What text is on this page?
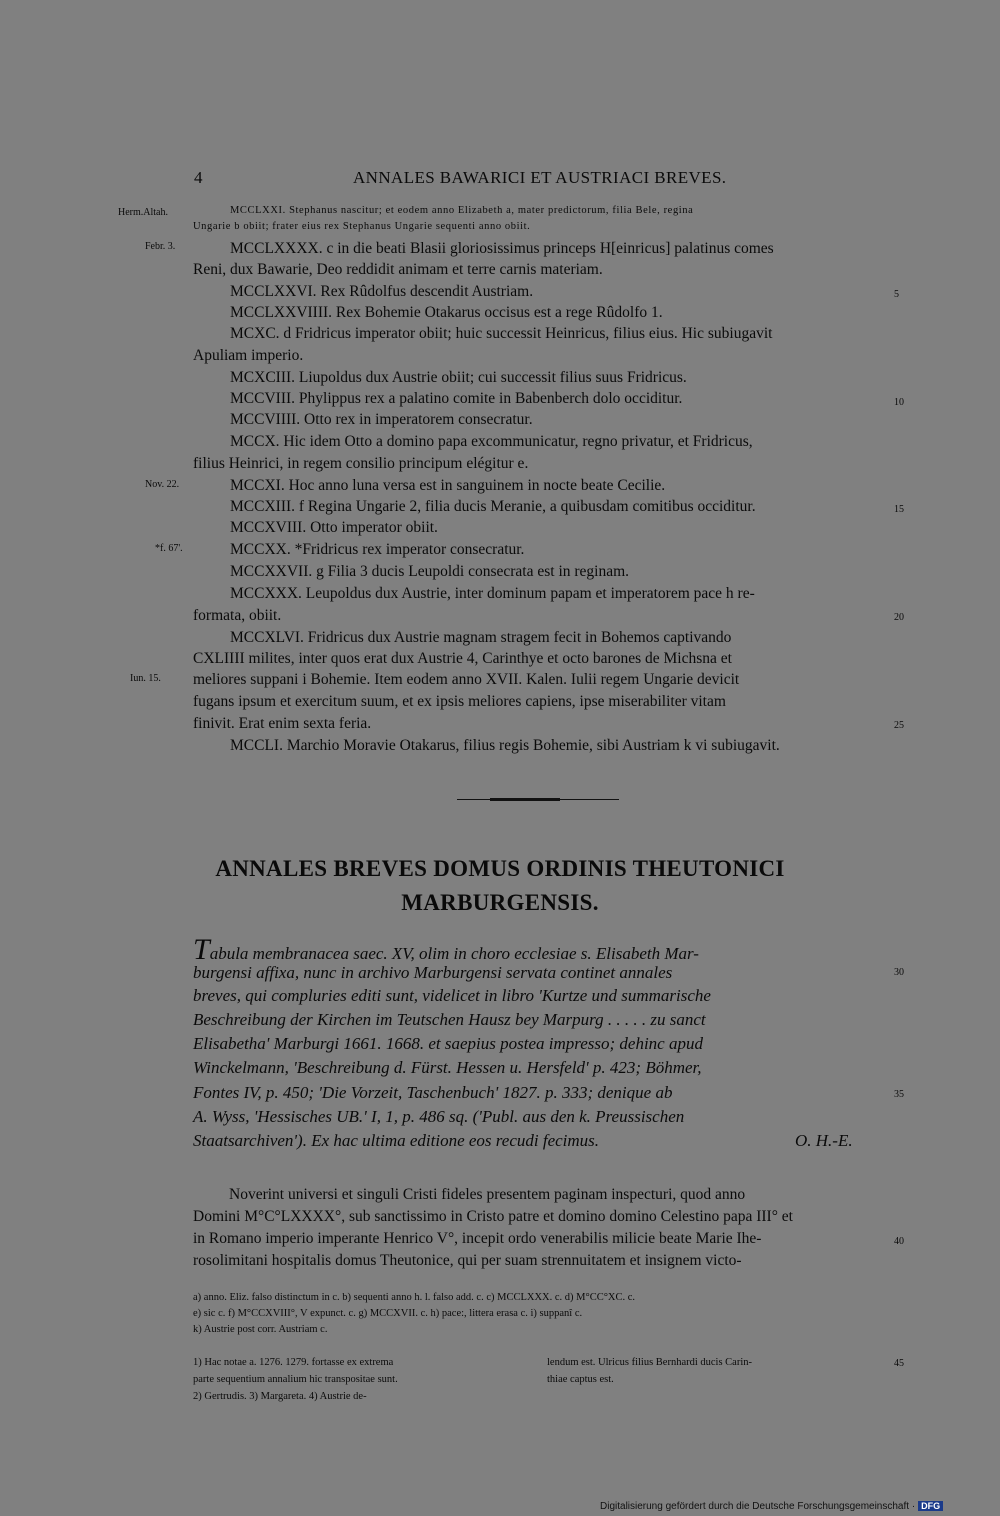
4	ANNALES BAWARICI ET AUSTRIACI BREVES.
Herm.Altah.
Febr. 3.
Nov. 22.
*f. 67'.
Iun. 15.
MCCLXXI. Stephanus nascitur; et eodem anno Elizabeth a, mater predictorum, filia Bele, regina
Ungarie b obiit; frater eius rex Stephanus Ungarie sequenti anno obiit.
MCCLXXXX. c in die beati Blasii gloriosissimus princeps H[einricus] palatinus comes
Reni, dux Bawarie, Deo reddidit animam et terre carnis materiam.
MCCLXXVI. Rex Rûdolfus descendit Austriam.
MCCLXXVIIII. Rex Bohemie Otakarus occisus est a rege Rûdolfo 1.
MCXC. d Fridricus imperator obiit; huic successit Heinricus, filius eius. Hic subiugavit
Apuliam imperio.
MCXCIII. Liupoldus dux Austrie obiit; cui successit filius suus Fridricus.
MCCVIII. Phylippus rex a palatino comite in Babenberch dolo occiditur.
MCCVIIII. Otto rex in imperatorem consecratur.
MCCX. Hic idem Otto a domino papa excommunicatur, regno privatur, et Fridricus,
filius Heinrici, in regem consilio principum elégitur e.
MCCXI. Hoc anno luna versa est in sanguinem in nocte beate Cecilie.
MCCXIII. f Regina Ungarie 2, filia ducis Meranie, a quibusdam comitibus occiditur.
MCCXVIII. Otto imperator obiit.
MCCXX. *Fridricus rex imperator consecratur.
MCCXXVII. g Filia 3 ducis Leupoldi consecrata est in reginam.
MCCXXX. Leupoldus dux Austrie, inter dominum papam et imperatorem pace h re-
formata, obiit.
MCCXLVI. Fridricus dux Austrie magnam stragem fecit in Bohemos captivando
CXLIIII milites, inter quos erat dux Austrie 4, Carinthye et octo barones de Michsna et
meliores suppani i Bohemie. Item eodem anno XVII. Kalen. Iulii regem Ungarie devicit
fugans ipsum et exercitum suum, et ex ipsis meliores capiens, ipse miserabiliter vitam
finivit. Erat enim sexta feria.
MCCLI. Marchio Moravie Otakarus, filius regis Bohemie, sibi Austriam k vi subiugavit.
5
10
15
20
25
30
35
40
45
ANNALES BREVES DOMUS ORDINIS THEUTONICI
MARBURGENSIS.
Tabula membranacea saec. XV, olim in choro ecclesiae s. Elisabeth Mar-
burgensi affixa, nunc in archivo Marburgensi servata continet annales
breves, qui compluries editi sunt, videlicet in libro 'Kurtze und summarische
Beschreibung der Kirchen im Teutschen Hausz bey Marpurg . . . . . zu sanct
Elisabetha' Marburgi 1661. 1668. et saepius postea impresso; dehinc apud
Winckelmann, 'Beschreibung d. Fürst. Hessen u. Hersfeld' p. 423; Böhmer,
Fontes IV, p. 450; 'Die Vorzeit, Taschenbuch' 1827. p. 333; denique ab
A. Wyss, 'Hessisches UB.' I, 1, p. 486 sq. ('Publ. aus den k. Preussischen
Staatsarchiven'). Ex hac ultima editione eos recudi fecimus.	O. H.-E.
Noverint universi et singuli Cristi fideles presentem paginam inspecturi, quod anno
Domini M°C°LXXXX°, sub sanctissimo in Cristo patre et domino domino Celestino papa III° et
in Romano imperio imperante Henrico V°, incepit ordo venerabilis milicie beate Marie Ihe-
rosolimitani hospitalis domus Theutonice, qui per suam strennuitatem et insignem victo-
a) anno. Eliz. falso distinctum in c. b) sequenti anno h. l. falso add. c. c) MCCLXXX. c. d) M°CC°XC. c.
e) sic c. f) M°CCXVIII°, V expunct. c. g) MCCXVII. c. h) pace:, littera erasa c. i) suppanî c.
k) Austrie post corr. Austriam c.
1) Hac notae a. 1276. 1279. fortasse ex extrema
parte sequentium annalium hic transpositae sunt.
2) Gertrudis. 3) Margareta. 4) Austrie de-
lendum est. Ulricus filius Bernhardi ducis Carin-
thiae captus est.
Digitalisierung gefördert durch die Deutsche Forschungsgemeinschaft · DFG
